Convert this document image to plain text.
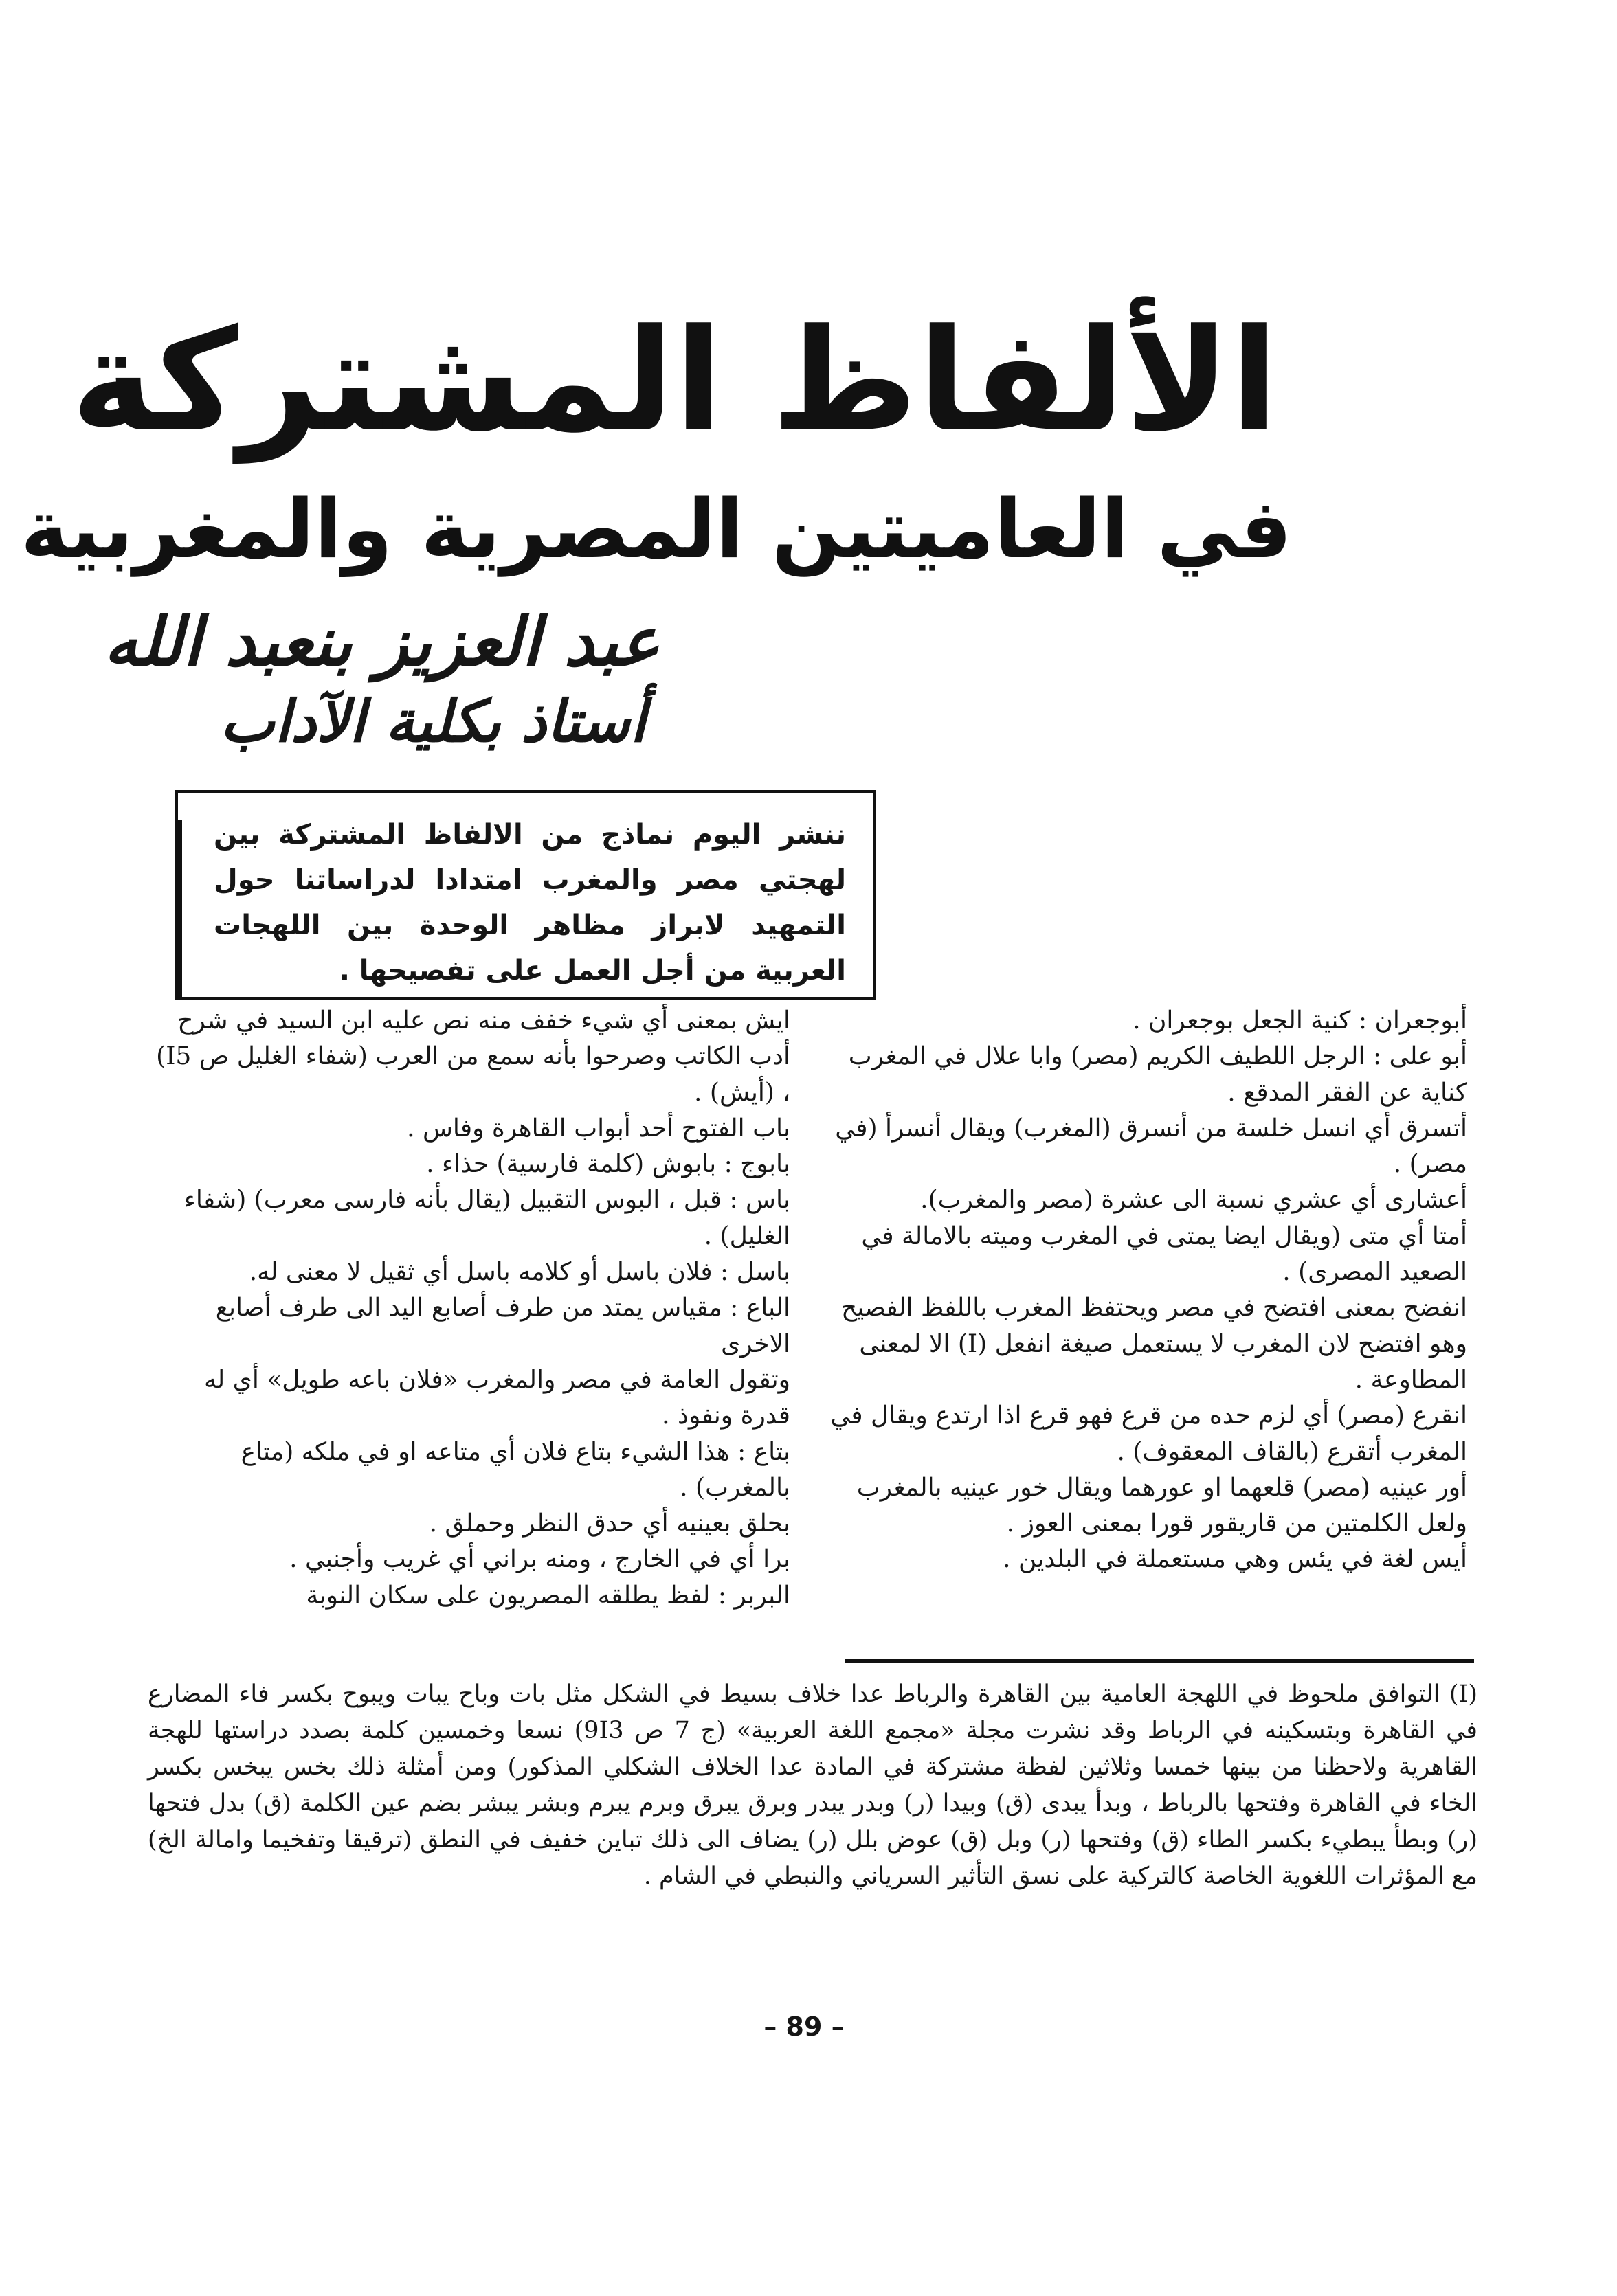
الألفاظ المشتركة
في العاميتين المصرية والمغربية
عبد العزيز بنعبد الله
أستاذ بكلية الآداب

ننشر اليوم نماذج من الالفاظ المشتركة بين لهجتي مصر والمغرب امتدادا لدراساتنا حول التمهيد لابراز مظاهر الوحدة بين اللهجات العربية من أجل العمل على تفصيحها .

أبوجعران : كنية الجعل بوجعران .

أبو على : الرجل اللطيف الكريم (مصر) وابا علال في المغرب كناية عن الفقر المدقع .

أتسرق أي انسل خلسة من أنسرق (المغرب) ويقال أنسرأ (في مصر) .

أعشارى أي عشري نسبة الى عشرة (مصر والمغرب).

أمتا أي متى (ويقال ايضا يمتى في المغرب وميته بالامالة في الصعيد المصرى) .

انفضح بمعنى افتضح في مصر ويحتفظ المغرب باللفظ الفصيح وهو افتضح لان المغرب لا يستعمل صيغة انفعل (I) الا لمعنى المطاوعة .

انقرع (مصر) أي لزم حده من قرع فهو قرع اذا ارتدع ويقال في المغرب أتقرع (بالقاف المعقوف) .

أور عينيه (مصر) قلعهما او عورهما ويقال خور عينيه بالمغرب ولعل الكلمتين من قاريقور قورا بمعنى العوز .

أيس لغة في يئس وهي مستعملة في البلدين .

ايش بمعنى أي شيء خفف منه نص عليه ابن السيد في شرح أدب الكاتب وصرحوا بأنه سمع من العرب (شفاء الغليل ص I5) ، (أيش) .

باب الفتوح أحد أبواب القاهرة وفاس .

بابوج : بابوش (كلمة فارسية) حذاء .

باس : قبل ، البوس التقبيل (يقال بأنه فارسى معرب) (شفاء الغليل) .

باسل : فلان باسل أو كلامه باسل أي ثقيل لا معنى له.

الباع : مقياس يمتد من طرف أصابع اليد الى طرف أصابع الاخرى

وتقول العامة في مصر والمغرب «فلان باعه طويل» أي له قدرة ونفوذ .

بتاع : هذا الشيء بتاع فلان أي متاعه او في ملكه (متاع بالمغرب) .

بحلق بعينيه أي حدق النظر وحملق .

برا أي في الخارج ، ومنه براني أي غريب وأجنبي .

البربر : لفظ يطلقه المصريون على سكان النوبة

(I) التوافق ملحوظ في اللهجة العامية بين القاهرة والرباط عدا خلاف بسيط في الشكل مثل بات وباح يبات ويبوح بكسر فاء المضارع في القاهرة وبتسكينه في الرباط وقد نشرت مجلة «مجمع اللغة العربية» (ج 7 ص 9I3) نسعا وخمسين كلمة بصدد دراستها للهجة القاهرية ولاحظنا من بينها خمسا وثلاثين لفظة مشتركة في المادة عدا الخلاف الشكلي المذكور) ومن أمثلة ذلك بخس يبخس بكسر الخاء في القاهرة وفتحها بالرباط ، وبدأ يبدى (ق) وبيدا (ر) وبدر يبدر وبرق يبرق وبرم يبرم وبشر يبشر بضم عين الكلمة (ق) بدل فتحها (ر) وبطأ يبطيء بكسر الطاء (ق) وفتحها (ر) وبل (ق) عوض بلل (ر) يضاف الى ذلك تباين خفيف في النطق (ترقيقا وتفخيما وامالة الخ) مع المؤثرات اللغوية الخاصة كالتركية على نسق التأثير السرياني والنبطي في الشام .

– 89 –
